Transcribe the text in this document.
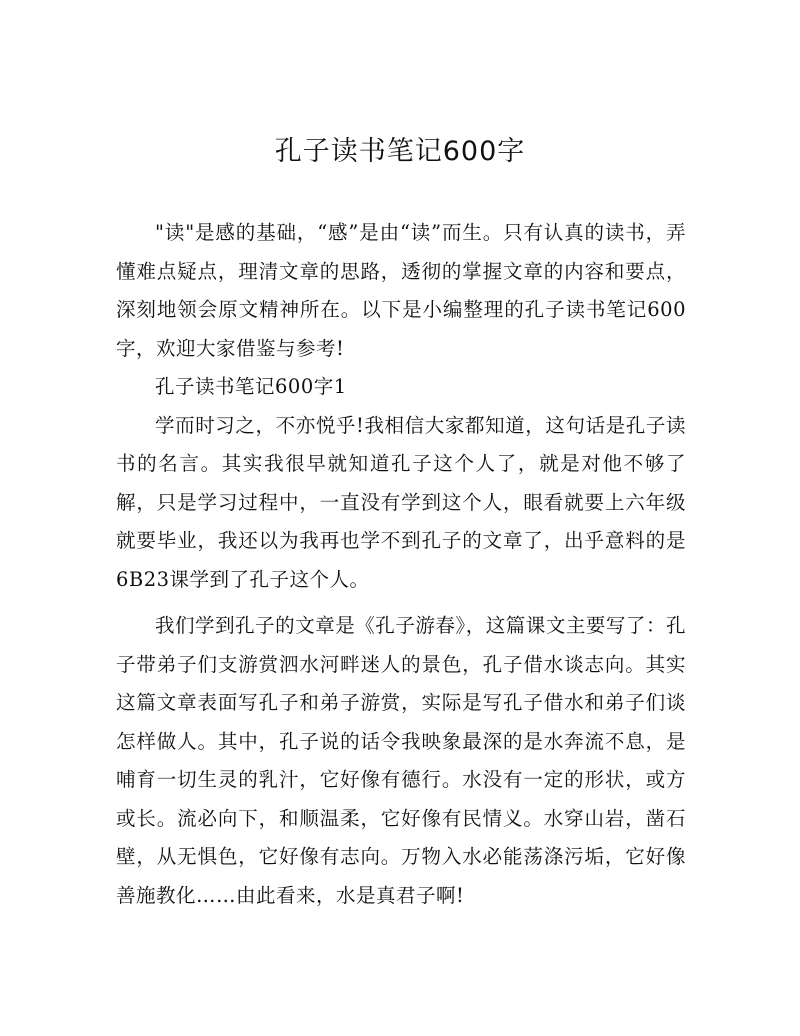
孔子读书笔记600字

"读"是感的基础，“感”是由“读”而生。只有认真的读书，弄懂难点疑点，理清文章的思路，透彻的掌握文章的内容和要点，深刻地领会原文精神所在。以下是小编整理的孔子读书笔记600字，欢迎大家借鉴与参考!

孔子读书笔记600字1

学而时习之，不亦悦乎!我相信大家都知道，这句话是孔子读书的名言。其实我很早就知道孔子这个人了，就是对他不够了解，只是学习过程中，一直没有学到这个人，眼看就要上六年级就要毕业，我还以为我再也学不到孔子的文章了，出乎意料的是6B23课学到了孔子这个人。

我们学到孔子的文章是《孔子游春》，这篇课文主要写了：孔子带弟子们支游赏泗水河畔迷人的景色，孔子借水谈志向。其实这篇文章表面写孔子和弟子游赏，实际是写孔子借水和弟子们谈怎样做人。其中，孔子说的话令我映象最深的是水奔流不息，是哺育一切生灵的乳汁，它好像有德行。水没有一定的形状，或方或长。流必向下，和顺温柔，它好像有民情义。水穿山岩，凿石壁，从无惧色，它好像有志向。万物入水必能荡涤污垢，它好像善施教化……由此看来，水是真君子啊!
